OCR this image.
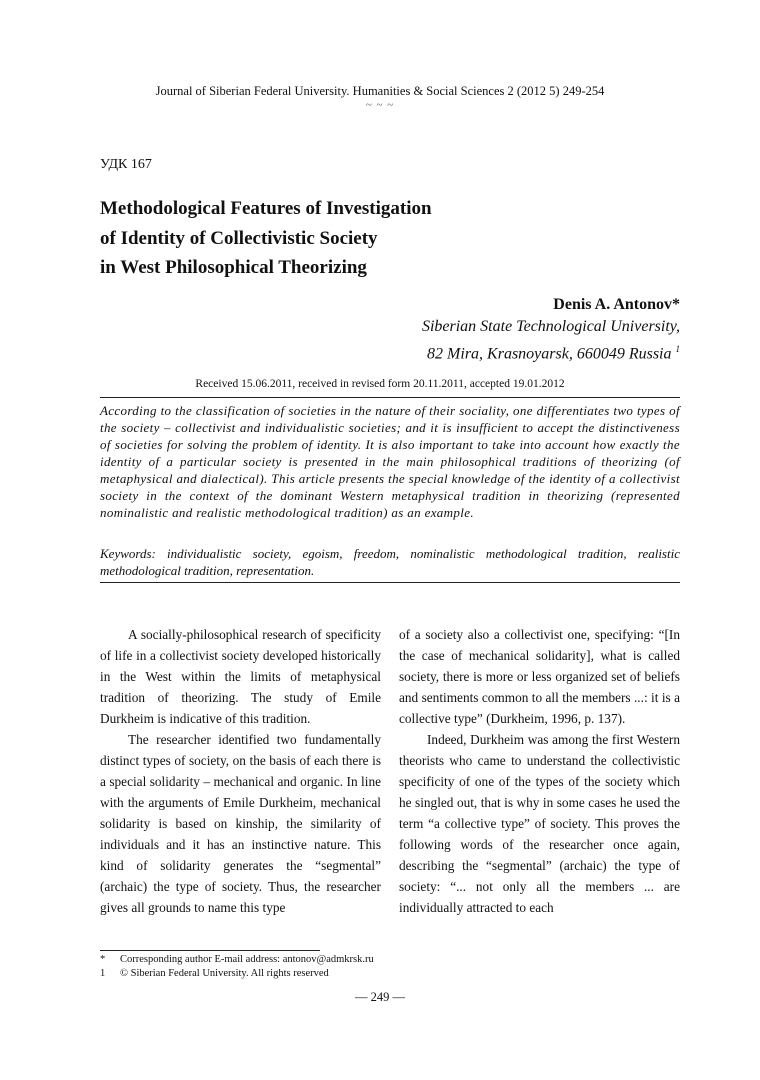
Journal of Siberian Federal University. Humanities & Social Sciences 2 (2012 5) 249-254
~ ~ ~
УДК 167
Methodological Features of Investigation
of Identity of Collectivistic Society
in West Philosophical Theorizing
Denis A. Antonov*
Siberian State Technological University,
82 Mira, Krasnoyarsk, 660049 Russia $^1$
Received 15.06.2011, received in revised form 20.11.2011, accepted 19.01.2012
According to the classification of societies in the nature of their sociality, one differentiates two types of the society – collectivist and individualistic societies; and it is insufficient to accept the distinctiveness of societies for solving the problem of identity. It is also important to take into account how exactly the identity of a particular society is presented in the main philosophical traditions of theorizing (of metaphysical and dialectical). This article presents the special knowledge of the identity of a collectivist society in the context of the dominant Western metaphysical tradition in theorizing (represented nominalistic and realistic methodological tradition) as an example.
Keywords: individualistic society, egoism, freedom, nominalistic methodological tradition, realistic methodological tradition, representation.

A socially-philosophical research of specificity of life in a collectivist society developed historically in the West within the limits of metaphysical tradition of theorizing. The study of Emile Durkheim is indicative of this tradition.

The researcher identified two fundamentally distinct types of society, on the basis of each there is a special solidarity – mechanical and organic. In line with the arguments of Emile Durkheim, mechanical solidarity is based on kinship, the similarity of individuals and it has an instinctive nature. This kind of solidarity generates the “segmental” (archaic) the type of society. Thus, the researcher gives all grounds to name this type

of a society also a collectivist one, specifying: “[In the case of mechanical solidarity], what is called society, there is more or less organized set of beliefs and sentiments common to all the members ...: it is a collective type” (Durkheim, 1996, p. 137).

Indeed, Durkheim was among the first Western theorists who came to understand the collectivistic specificity of one of the types of the society which he singled out, that is why in some cases he used the term “a collective type” of society. This proves the following words of the researcher once again, describing the “segmental” (archaic) the type of society: “... not only all the members ... are individually attracted to each

* Corresponding author E-mail address: antonov@admkrsk.ru
1 © Siberian Federal University. All rights reserved
— 249 —
